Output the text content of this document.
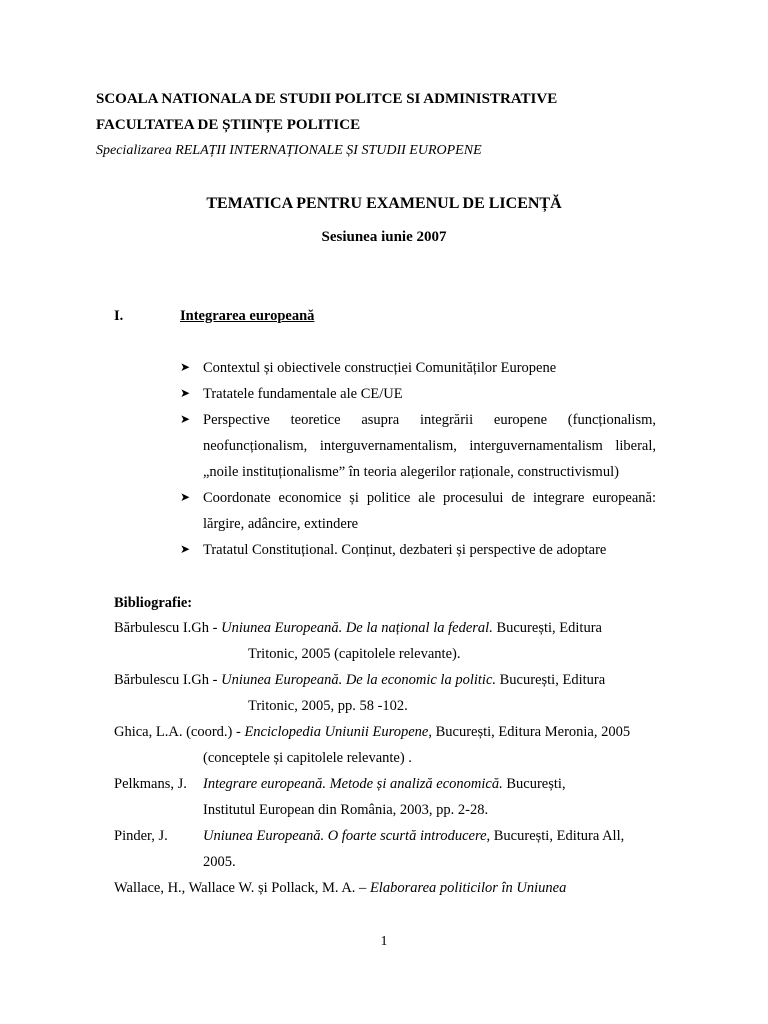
SCOALA NATIONALA DE STUDII POLITCE SI ADMINISTRATIVE
FACULTATEA DE ȘTIINȚE POLITICE
Specializarea RELAȚII INTERNAȚIONALE ȘI STUDII EUROPENE
TEMATICA PENTRU EXAMENUL DE LICENȚĂ
Sesiunea iunie 2007
I.	Integrarea europeană
➤ Contextul și obiectivele construcției Comunităților Europene
➤ Tratatele fundamentale ale CE/UE
➤ Perspective teoretice asupra integrării europene (funcționalism,
neofuncționalism, interguvernamentalism, interguvernamentalism liberal,
„noile instituționalisme” în teoria alegerilor raționale, constructivismul)
➤ Coordonate economice și politice ale procesului de integrare europeană:
lărgire, adâncire, extindere
➤ Tratatul Constituțional. Conținut, dezbateri și perspective de adoptare
Bibliografie:
Bărbulescu I.Gh - Uniunea Europeană. De la național la federal. București, Editura
Tritonic, 2005 (capitolele relevante).
Bărbulescu I.Gh - Uniunea Europeană. De la economic la politic. București, Editura
Tritonic, 2005, pp. 58 -102.
Ghica, L.A. (coord.) - Enciclopedia Uniunii Europene, București, Editura Meronia, 2005
(conceptele și capitolele relevante) .
Pelkmans, J. Integrare europeană. Metode și analiză economică. București,
Institutul European din România, 2003, pp. 2-28.
Pinder, J. Uniunea Europeană. O foarte scurtă introducere, București, Editura All,
2005.
Wallace, H., Wallace W. și Pollack, M. A. – Elaborarea politicilor în Uniunea
1
